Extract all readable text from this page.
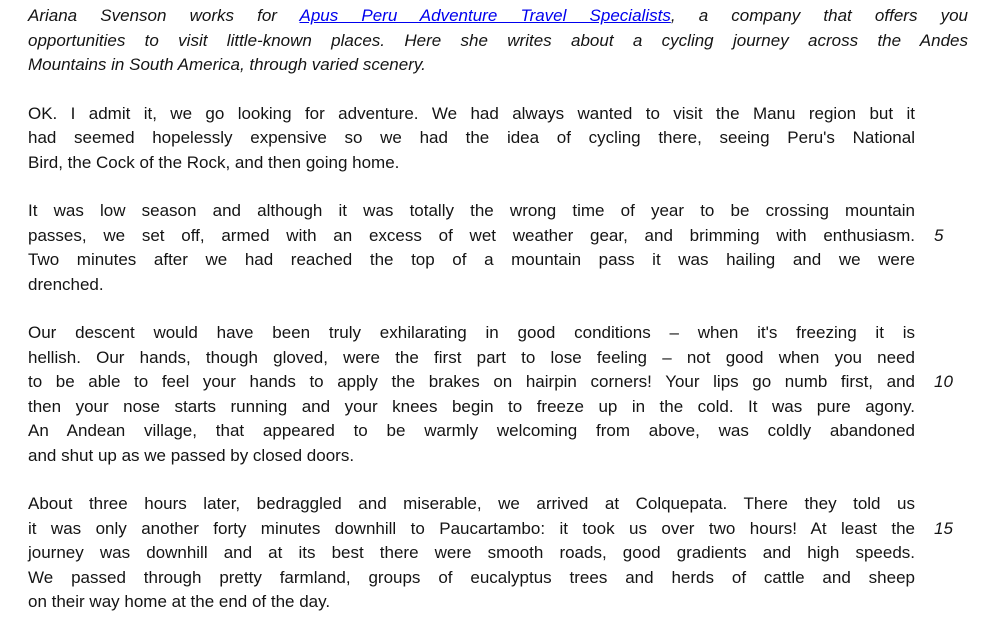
Ariana Svenson works for Apus Peru Adventure Travel Specialists, a company that offers you
opportunities to visit little-known places. Here she writes about a cycling journey across the Andes
Mountains in South America, through varied scenery.
OK. I admit it, we go looking for adventure. We had always wanted to visit the Manu region but it
had seemed hopelessly expensive so we had the idea of cycling there, seeing Peru's National
Bird, the Cock of the Rock, and then going home.
It was low season and although it was totally the wrong time of year to be crossing mountain
passes, we set off, armed with an excess of wet weather gear, and brimming with enthusiasm. 5
Two minutes after we had reached the top of a mountain pass it was hailing and we were
drenched.
Our descent would have been truly exhilarating in good conditions – when it's freezing it is
hellish. Our hands, though gloved, were the first part to lose feeling – not good when you need
to be able to feel your hands to apply the brakes on hairpin corners! Your lips go numb first, and 10
then your nose starts running and your knees begin to freeze up in the cold. It was pure agony.
An Andean village, that appeared to be warmly welcoming from above, was coldly abandoned
and shut up as we passed by closed doors.
About three hours later, bedraggled and miserable, we arrived at Colquepata. There they told us
it was only another forty minutes downhill to Paucartambo: it took us over two hours! At least the 15
journey was downhill and at its best there were smooth roads, good gradients and high speeds.
We passed through pretty farmland, groups of eucalyptus trees and herds of cattle and sheep
on their way home at the end of the day.
